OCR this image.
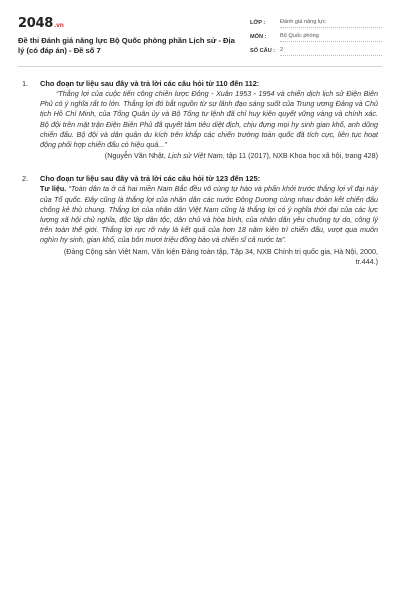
2048.vn
Đề thi Đánh giá năng lực Bộ Quốc phòng phần Lịch sử - Địa lý (có đáp án) - Đề số 7
LỚP :	Đánh giá năng lực
MÔN :	Bộ Quốc phòng
SỐ CÂU : 2
1. Cho đoạn tư liệu sau đây và trả lời các câu hỏi từ 110 đến 112:
“Thắng lợi của cuộc tiến công chiến lược Đông - Xuân 1953 - 1954 và chiến dịch lịch sử Điện Biên Phủ có ý nghĩa rất to lớn. Thắng lợi đó bắt nguồn từ sự lãnh đạo sáng suốt của Trung ương Đảng và Chủ tịch Hồ Chí Minh, của Tổng Quân ủy và Bộ Tổng tư lệnh đã chỉ huy kiên quyết vững vàng và chính xác. Bộ đội trên mặt trận Điện Biên Phủ đã quyết tâm tiêu diệt địch, chịu đựng mọi hy sinh gian khổ, anh dũng chiến đấu. Bộ đội và dân quân du kích trên khắp các chiến trường toàn quốc đã tích cực, liên tục hoạt động phối hợp chiến đấu có hiệu quả...”
(Nguyễn Văn Nhật, Lịch sử Việt Nam, tập 11 (2017), NXB Khoa học xã hội, trang 428)
2. Cho đoạn tư liệu sau đây và trả lời các câu hỏi từ 123 đến 125:
Tư liệu. “Toàn dân ta ở cả hai miền Nam Bắc đều vô cùng tự hào và phấn khởi trước thắng lợi vĩ đại này của Tổ quốc. Đây cũng là thắng lợi của nhân dân các nước Đông Dương cùng nhau đoàn kết chiến đấu chống kẻ thù chung. Thắng lợi của nhân dân Việt Nam cũng là thắng lợi có ý nghĩa thời đại của các lực lượng xã hội chủ nghĩa, độc lập dân tộc, dân chủ và hòa bình, của nhân dân yêu chuộng tự do, công lý trên toàn thế giới. Thắng lợi rực rỡ này là kết quả của hơn 18 năm kiên trì chiến đấu, vượt qua muôn nghìn hy sinh, gian khổ, của bốn mươi triệu đồng bào và chiến sĩ cả nước ta”.
(Đảng Cộng sản Việt Nam, Văn kiện Đảng toàn tập, Tập 34, NXB Chính trị quốc gia, Hà Nội, 2000, tr.444.)
